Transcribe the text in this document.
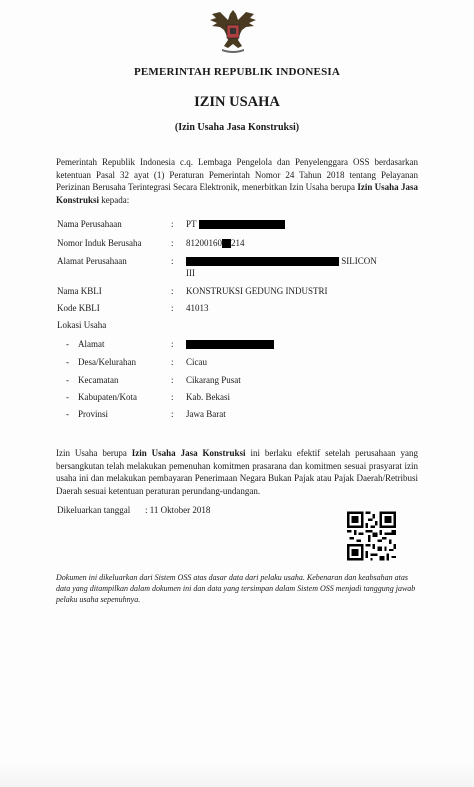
PEMERINTAH REPUBLIK INDONESIA
IZIN USAHA
(Izin Usaha Jasa Konstruksi)
Pemerintah Republik Indonesia c.q. Lembaga Pengelola dan Penyelenggara OSS berdasarkan ketentuan Pasal 32 ayat (1) Peraturan Pemerintah Nomor 24 Tahun 2018 tentang Pelayanan Perizinan Berusaha Terintegrasi Secara Elektronik, menerbitkan Izin Usaha berupa Izin Usaha Jasa Konstruksi kepada:
Nama Perusahaan	: PT
Nomor Induk Berusaha	: 81200160 214
Alamat Perusahaan	:	SILICON
III
Nama KBLI	: KONSTRUKSI GEDUNG INDUSTRI
Kode KBLI	: 41013
Lokasi Usaha
- Alamat	:
- Desa/Kelurahan	: Cicau
- Kecamatan	: Cikarang Pusat
- Kabupaten/Kota	: Kab. Bekasi
- Provinsi	: Jawa Barat
Izin Usaha berupa Izin Usaha Jasa Konstruksi ini berlaku efektif setelah perusahaan yang bersangkutan telah melakukan pemenuhan komitmen prasarana dan komitmen sesuai prasyarat izin usaha ini dan melakukan pembayaran Penerimaan Negara Bukan Pajak atau Pajak Daerah/Retribusi Daerah sesuai ketentuan peraturan perundang-undangan.
Dikeluarkan tanggal : 11 Oktober 2018
Dokumen ini dikeluarkan dari Sistem OSS atas dasar data dari pelaku usaha. Kebenaran dan keabsahan atas data yang ditampilkan dalam dokumen ini dan data yang tersimpan dalam Sistem OSS menjadi tanggung jawab pelaku usaha sepenuhnya.
